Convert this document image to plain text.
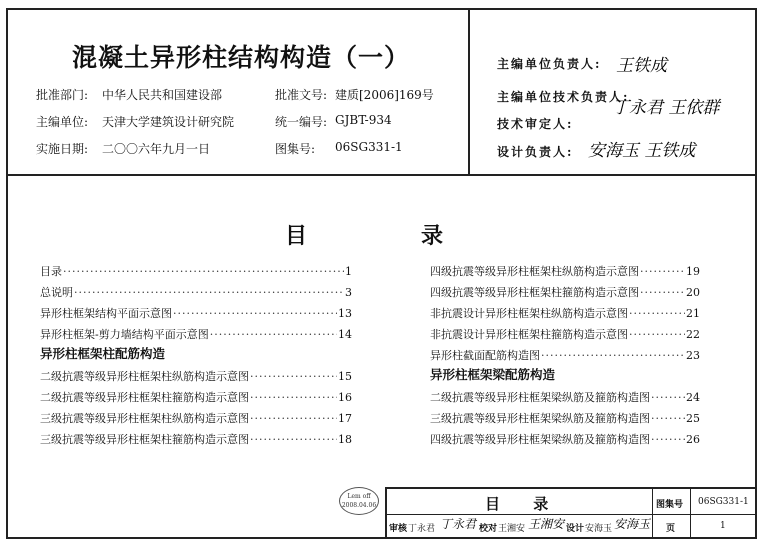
混凝土异形柱结构构造（一）
批准部门: 中华人民共和国建设部	批准文号: 建质[2006]169号
主编单位: 天津大学建筑设计研究院	统一编号: GJBT-934
实施日期: 二〇〇六年九月一日	图集号: 06SG331-1
主编单位负责人: 王铁成
主编单位技术负责人:
丁永君 王依群
技术审定人:
设计负责人: 安海玉 王铁成
目	录
目录 ·····	1
总说明 ·····	3
异形柱框架结构平面示意图 ·····	13
异形柱框架-剪力墙结构平面示意图 ·····	14
异形柱框架柱配筋构造
二级抗震等级异形柱框架柱纵筋构造示意图 ·····	15
二级抗震等级异形柱框架柱箍筋构造示意图 ·····	16
三级抗震等级异形柱框架柱纵筋构造示意图 ·····	17
三级抗震等级异形柱框架柱箍筋构造示意图 ·····	18
四级抗震等级异形柱框架柱纵筋构造示意图 ·····	19
四级抗震等级异形柱框架柱箍筋构造示意图 ·····	20
非抗震设计异形柱框架柱纵筋构造示意图 ·····	21
非抗震设计异形柱框架柱箍筋构造示意图 ·····	22
异形柱截面配筋构造图 ·····	23
异形柱框架梁配筋构造
二级抗震等级异形柱框架梁纵筋及箍筋构造图 ·····	24
三级抗震等级异形柱框架梁纵筋及箍筋构造图 ·····	25
四级抗震等级异形柱框架梁纵筋及箍筋构造图 ·····	26
Lem off
2008.04.06	目 录	图集号 06SG331-1
审核 丁永君 丁永君 校对 王湘安 王湘安 设计 安海玉 安海玉 页	1
